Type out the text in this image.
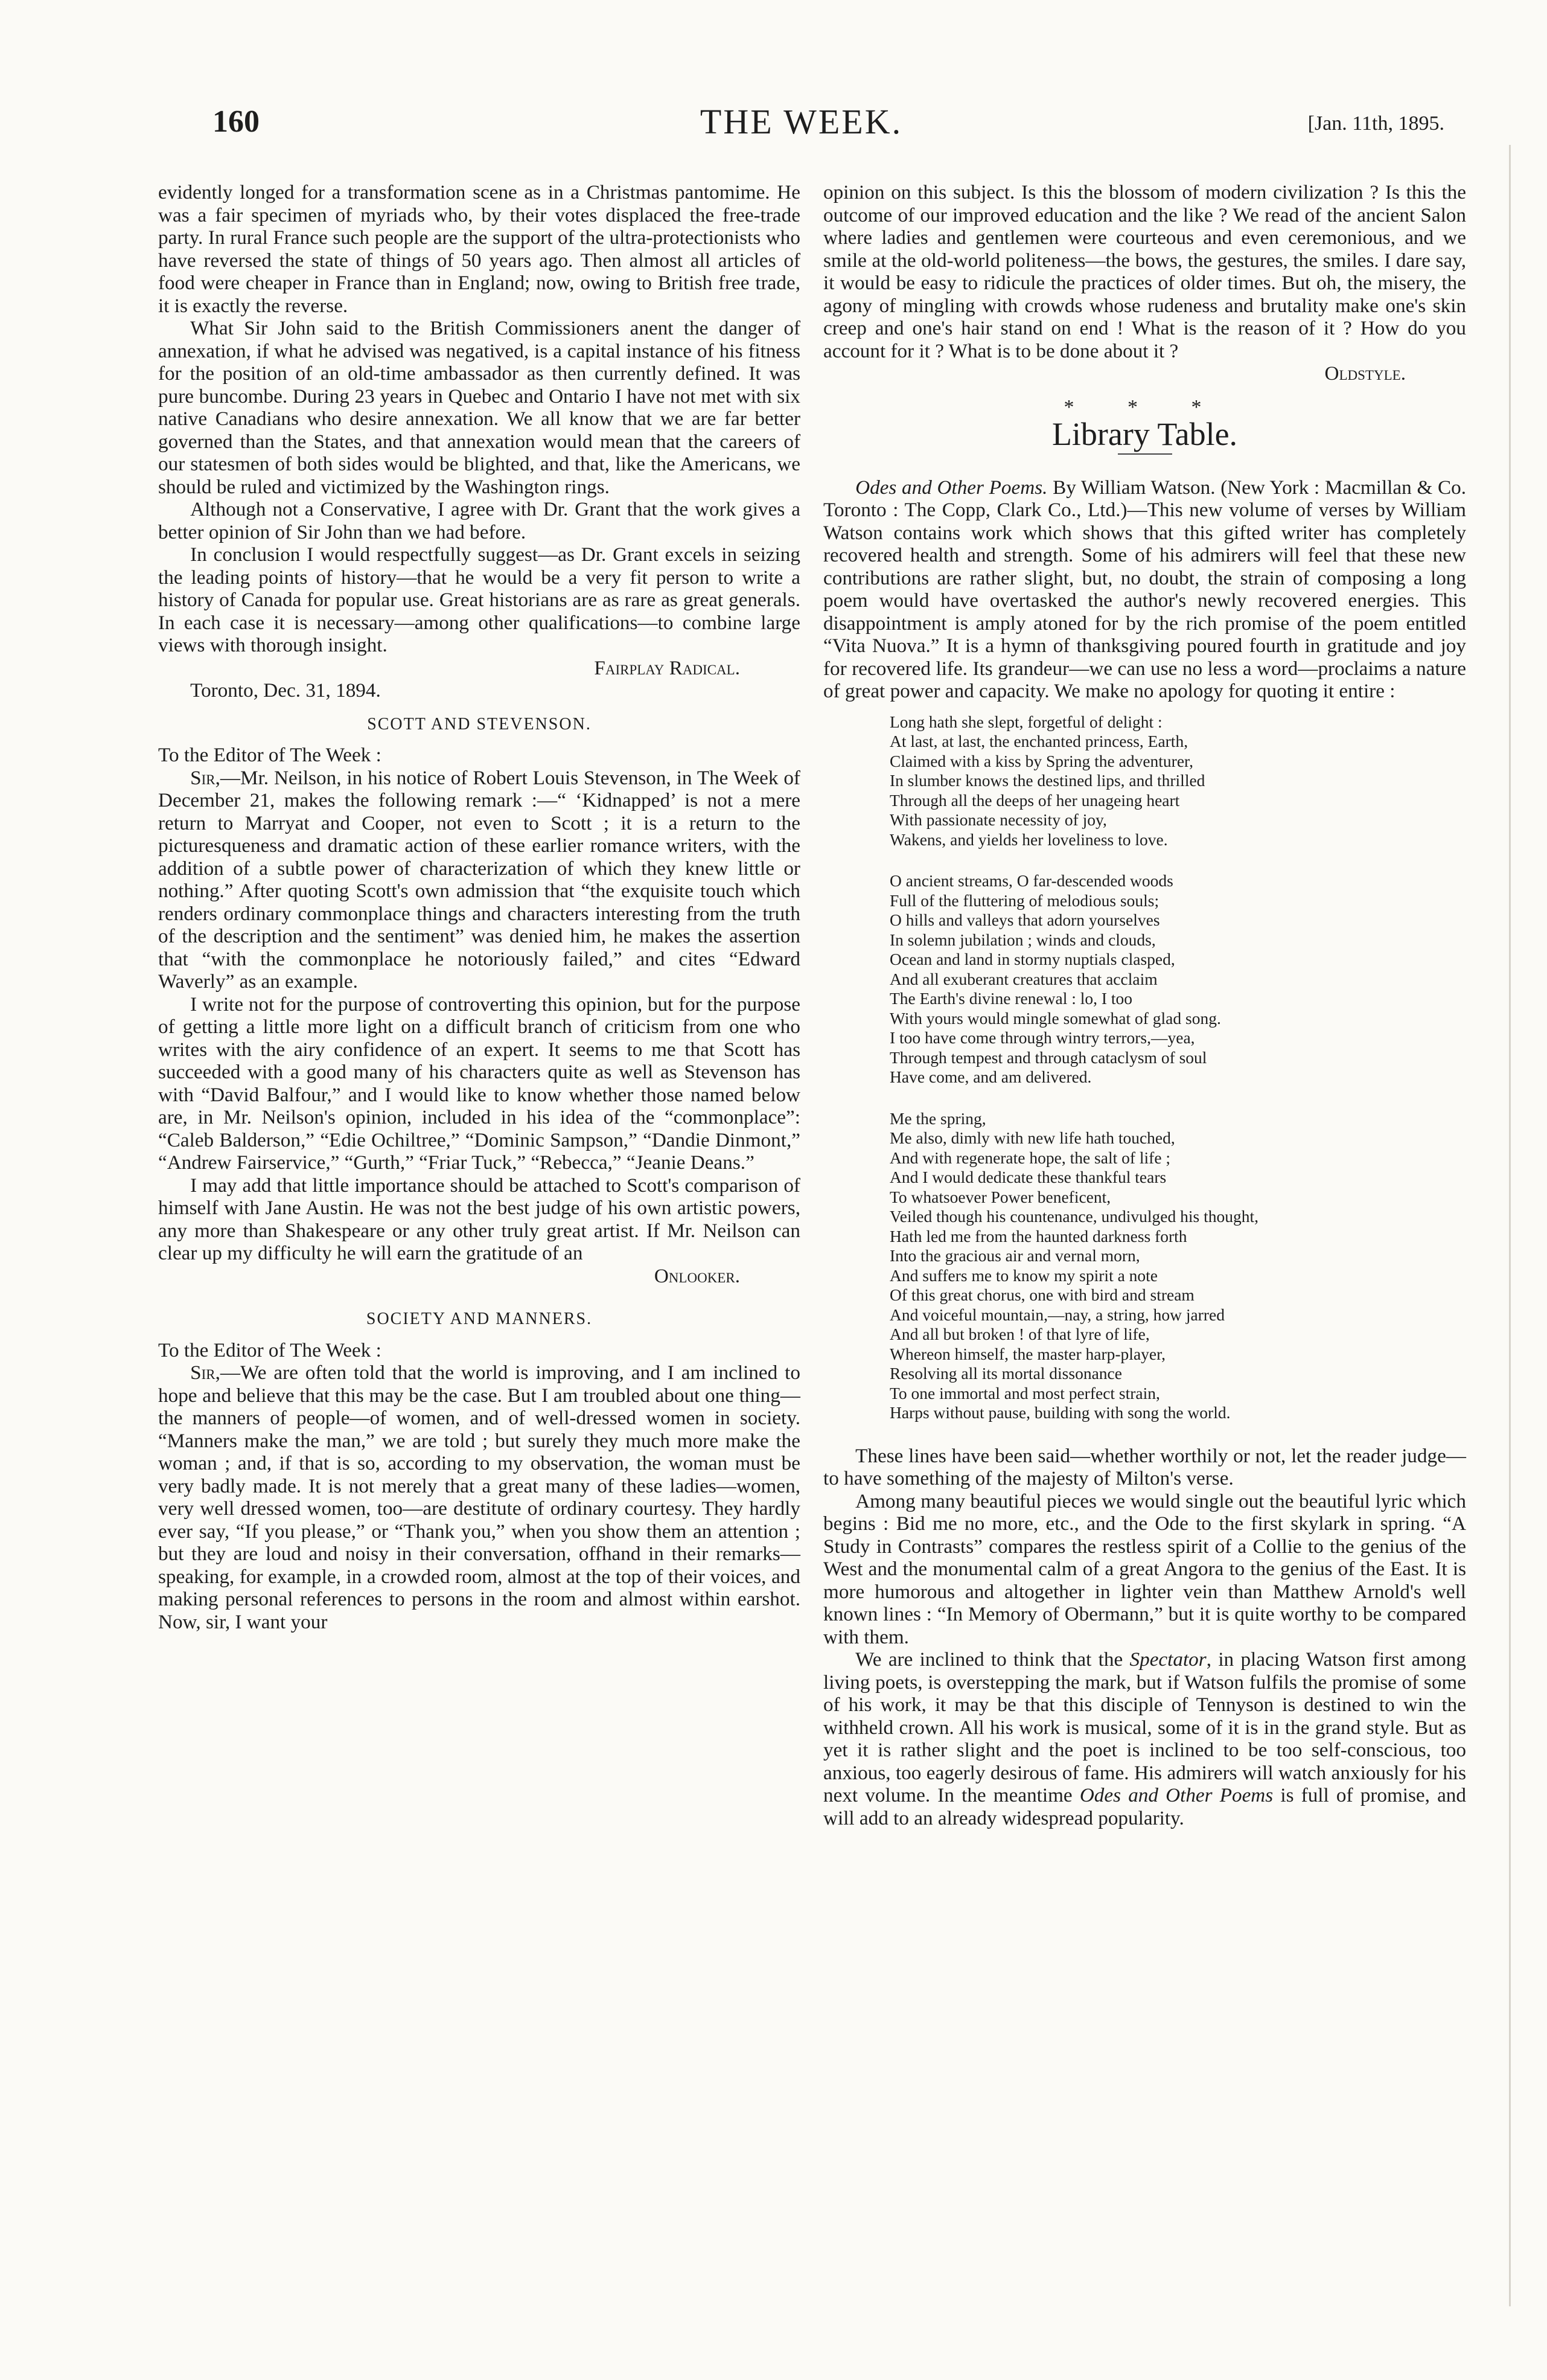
160	THE WEEK.	[Jan. 11th, 1895.

evidently longed for a transformation scene as in a Christmas pantomime. He was a fair specimen of myriads who, by their votes displaced the free-trade party. In rural France such people are the support of the ultra-protectionists who have reversed the state of things of 50 years ago. Then almost all articles of food were cheaper in France than in England; now, owing to British free trade, it is exactly the reverse.

What Sir John said to the British Commissioners anent the danger of annexation, if what he advised was negatived, is a capital instance of his fitness for the position of an old-time ambassador as then currently defined. It was pure buncombe. During 23 years in Quebec and Ontario I have not met with six native Canadians who desire annexation. We all know that we are far better governed than the States, and that annexation would mean that the careers of our statesmen of both sides would be blighted, and that, like the Americans, we should be ruled and victimized by the Washington rings.

Although not a Conservative, I agree with Dr. Grant that the work gives a better opinion of Sir John than we had before.

In conclusion I would respectfully suggest—as Dr. Grant excels in seizing the leading points of history—that he would be a very fit person to write a history of Canada for popular use. Great historians are as rare as great generals. In each case it is necessary—among other qualifications—to combine large views with thorough insight.

Fairplay Radical.

Toronto, Dec. 31, 1894.

SCOTT AND STEVENSON.

To the Editor of The Week :

Sir,—Mr. Neilson, in his notice of Robert Louis Stevenson, in The Week of December 21, makes the following remark :—“ ‘Kidnapped’ is not a mere return to Marryat and Cooper, not even to Scott ; it is a return to the picturesqueness and dramatic action of these earlier romance writers, with the addition of a subtle power of characterization of which they knew little or nothing.” After quoting Scott's own admission that “the exquisite touch which renders ordinary commonplace things and characters interesting from the truth of the description and the sentiment” was denied him, he makes the assertion that “with the commonplace he notoriously failed,” and cites “Edward Waverly” as an example.

I write not for the purpose of controverting this opinion, but for the purpose of getting a little more light on a difficult branch of criticism from one who writes with the airy confidence of an expert. It seems to me that Scott has succeeded with a good many of his characters quite as well as Stevenson has with “David Balfour,” and I would like to know whether those named below are, in Mr. Neilson's opinion, included in his idea of the “commonplace”: “Caleb Balderson,” “Edie Ochiltree,” “Dominic Sampson,” “Dandie Dinmont,” “Andrew Fairservice,” “Gurth,” “Friar Tuck,” “Rebecca,” “Jeanie Deans.”

I may add that little importance should be attached to Scott's comparison of himself with Jane Austin. He was not the best judge of his own artistic powers, any more than Shakespeare or any other truly great artist. If Mr. Neilson can clear up my difficulty he will earn the gratitude of an

Onlooker.

SOCIETY AND MANNERS.

To the Editor of The Week :

Sir,—We are often told that the world is improving, and I am inclined to hope and believe that this may be the case. But I am troubled about one thing—the manners of people—of women, and of well-dressed women in society. “Manners make the man,” we are told ; but surely they much more make the woman ; and, if that is so, according to my observation, the woman must be very badly made. It is not merely that a great many of these ladies—women, very well dressed women, too—are destitute of ordinary courtesy. They hardly ever say, “If you please,” or “Thank you,” when you show them an attention ; but they are loud and noisy in their conversation, offhand in their remarks—speaking, for example, in a crowded room, almost at the top of their voices, and making personal references to persons in the room and almost within earshot. Now, sir, I want your

opinion on this subject. Is this the blossom of modern civilization ? Is this the outcome of our improved education and the like ? We read of the ancient Salon where ladies and gentlemen were courteous and even ceremonious, and we smile at the old-world politeness—the bows, the gestures, the smiles. I dare say, it would be easy to ridicule the practices of older times. But oh, the misery, the agony of mingling with crowds whose rudeness and brutality make one's skin creep and one's hair stand on end ! What is the reason of it ? How do you account for it ? What is to be done about it ?

Oldstyle.

* * *
Library Table.

Odes and Other Poems. By William Watson. (New York : Macmillan & Co. Toronto : The Copp, Clark Co., Ltd.)—This new volume of verses by William Watson contains work which shows that this gifted writer has completely recovered health and strength. Some of his admirers will feel that these new contributions are rather slight, but, no doubt, the strain of composing a long poem would have overtasked the author's newly recovered energies. This disappointment is amply atoned for by the rich promise of the poem entitled “Vita Nuova.” It is a hymn of thanksgiving poured fourth in gratitude and joy for recovered life. Its grandeur—we can use no less a word—proclaims a nature of great power and capacity. We make no apology for quoting it entire :

Long hath she slept, forgetful of delight :
At last, at last, the enchanted princess, Earth,
Claimed with a kiss by Spring the adventurer,
In slumber knows the destined lips, and thrilled
Through all the deeps of her unageing heart
With passionate necessity of joy,
Wakens, and yields her loveliness to love.
O ancient streams, O far-descended woods
Full of the fluttering of melodious souls;
O hills and valleys that adorn yourselves
In solemn jubilation ; winds and clouds,
Ocean and land in stormy nuptials clasped,
And all exuberant creatures that acclaim
The Earth's divine renewal : lo, I too
With yours would mingle somewhat of glad song.
I too have come through wintry terrors,—yea,
Through tempest and through cataclysm of soul
Have come, and am delivered.
Me the spring,
Me also, dimly with new life hath touched,
And with regenerate hope, the salt of life ;
And I would dedicate these thankful tears
To whatsoever Power beneficent,
Veiled though his countenance, undivulged his thought,
Hath led me from the haunted darkness forth
Into the gracious air and vernal morn,
And suffers me to know my spirit a note
Of this great chorus, one with bird and stream
And voiceful mountain,—nay, a string, how jarred
And all but broken ! of that lyre of life,
Whereon himself, the master harp-player,
Resolving all its mortal dissonance
To one immortal and most perfect strain,
Harps without pause, building with song the world.

These lines have been said—whether worthily or not, let the reader judge—to have something of the majesty of Milton's verse.

Among many beautiful pieces we would single out the beautiful lyric which begins : Bid me no more, etc., and the Ode to the first skylark in spring. “A Study in Contrasts” compares the restless spirit of a Collie to the genius of the West and the monumental calm of a great Angora to the genius of the East. It is more humorous and altogether in lighter vein than Matthew Arnold's well known lines : “In Memory of Obermann,” but it is quite worthy to be compared with them.

We are inclined to think that the Spectator, in placing Watson first among living poets, is overstepping the mark, but if Watson fulfils the promise of some of his work, it may be that this disciple of Tennyson is destined to win the withheld crown. All his work is musical, some of it is in the grand style. But as yet it is rather slight and the poet is inclined to be too self-conscious, too anxious, too eagerly desirous of fame. His admirers will watch anxiously for his next volume. In the meantime Odes and Other Poems is full of promise, and will add to an already widespread popularity.
